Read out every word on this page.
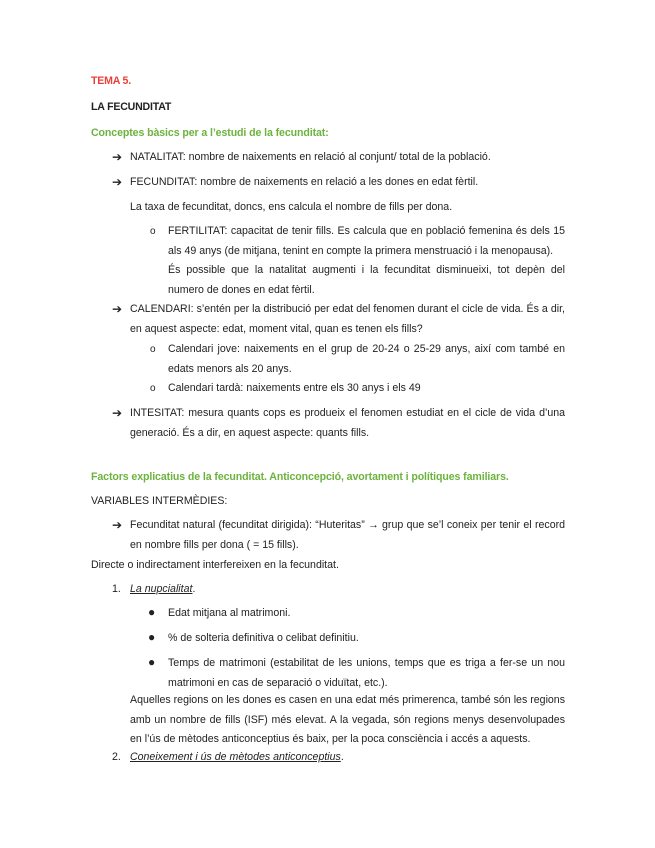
TEMA 5.
LA FECUNDITAT
Conceptes bàsics per a l’estudi de la fecunditat:
➔ NATALITAT: nombre de naixements en relació al conjunt/ total de la població.
➔ FECUNDITAT: nombre de naixements en relació a les dones en edat fèrtil.
La taxa de fecunditat, doncs, ens calcula el nombre de fills per dona.
o FERTILITAT: capacitat de tenir fills. Es calcula que en població femenina és dels 15 als 49 anys (de mitjana, tenint en compte la primera menstruació i la menopausa).
És possible que la natalitat augmenti i la fecunditat disminueixi, tot depèn del numero de dones en edat fèrtil.
➔ CALENDARI: s’entén per la distribució per edat del fenomen durant el cicle de vida. És a dir, en aquest aspecte: edat, moment vital, quan es tenen els fills?
o Calendari jove: naixements en el grup de 20-24 o 25-29 anys, així com també en edats menors als 20 anys.
o Calendari tardà: naixements entre els 30 anys i els 49
➔ INTESITAT: mesura quants cops es produeix el fenomen estudiat en el cicle de vida d’una generació. És a dir, en aquest aspecte: quants fills.
Factors explicatius de la fecunditat. Anticoncepció, avortament i polítiques familiars.
VARIABLES INTERMÈDIES:
➔ Fecunditat natural (fecunditat dirigida): “Huteritas” → grup que se’l coneix per tenir el record en nombre fills per dona ( = 15 fills).
Directe o indirectament interfereixen en la fecunditat.
1. La nupcialitat.
● Edat mitjana al matrimoni.
● % de solteria definitiva o celibat definitiu.
● Temps de matrimoni (estabilitat de les unions, temps que es triga a fer-se un nou matrimoni en cas de separació o viduïtat, etc.).
Aquelles regions on les dones es casen en una edat més primerenca, també són les regions amb un nombre de fills (ISF) més elevat. A la vegada, són regions menys desenvolupades en l’ús de mètodes anticonceptius és baix, per la poca consciència i accés a aquests.
2. Coneixement i ús de mètodes anticonceptius.
